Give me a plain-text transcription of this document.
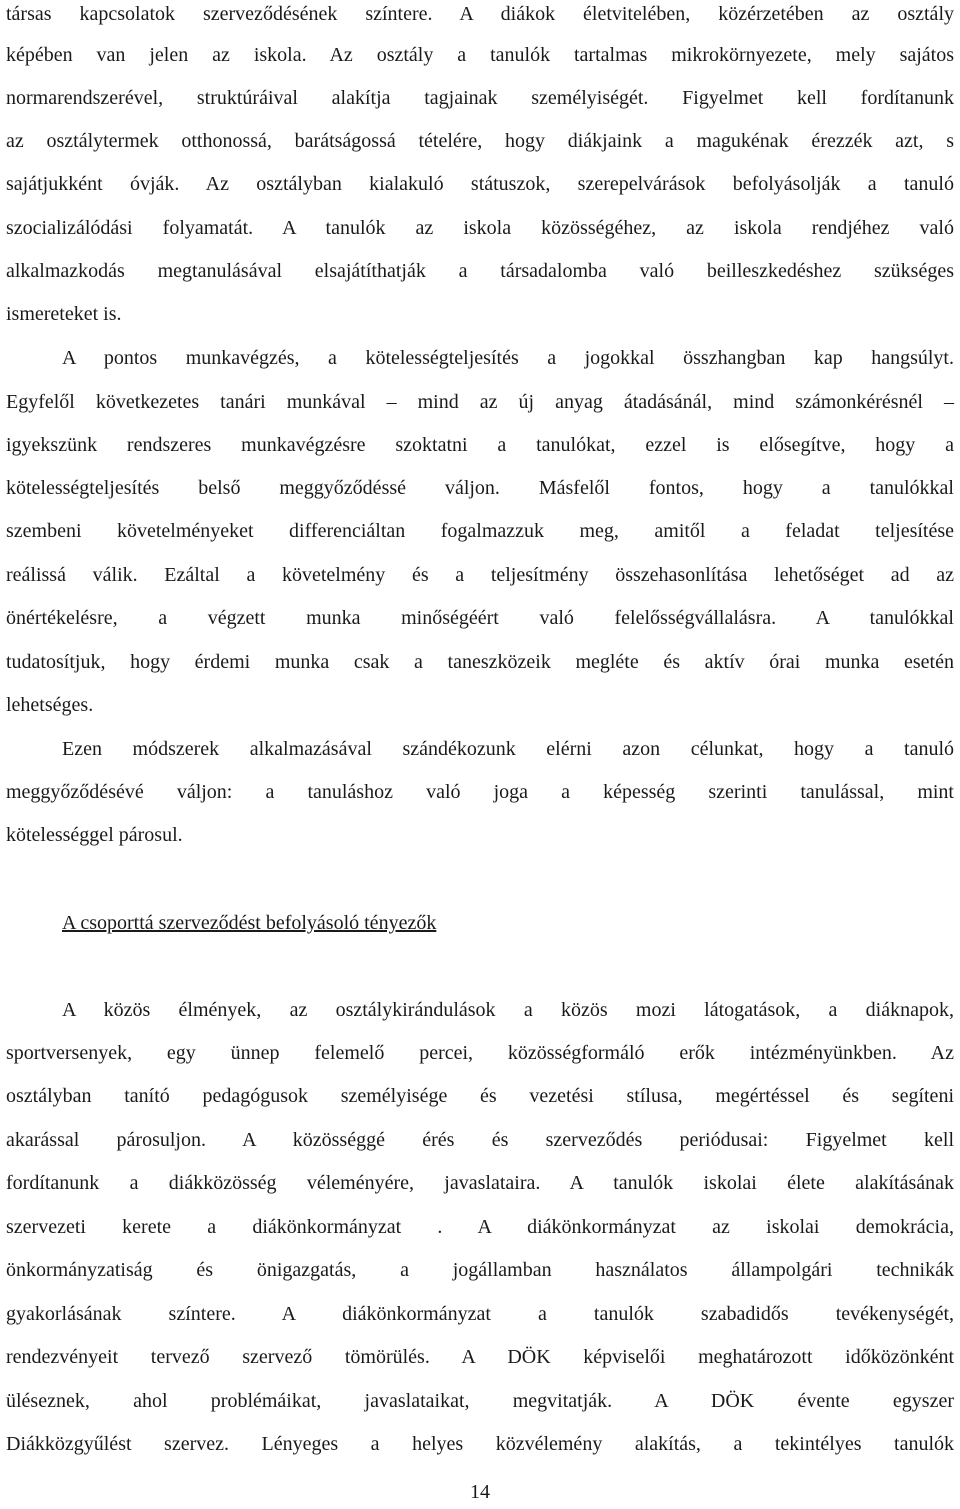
társas kapcsolatok szerveződésének színtere. A diákok életvitelében, közérzetében az osztály
képében van jelen az iskola. Az osztály a tanulók tartalmas mikrokörnyezete, mely sajátos
normarendszerével, struktúráival alakítja tagjainak személyiségét. Figyelmet kell fordítanunk
az osztálytermek otthonossá, barátságossá tételére, hogy diákjaink a magukénak érezzék azt, s
sajátjukként óvják. Az osztályban kialakuló státuszok, szerepelvárások befolyásolják a tanuló
szocializálódási folyamatát. A tanulók az iskola közösségéhez, az iskola rendjéhez való
alkalmazkodás megtanulásával elsajátíthatják a társadalomba való beilleszkedéshez szükséges
ismereteket is.
A pontos munkavégzés, a kötelességteljesítés a jogokkal összhangban kap hangsúlyt.
Egyfelől következetes tanári munkával – mind az új anyag átadásánál, mind számonkérésnél –
igyekszünk rendszeres munkavégzésre szoktatni a tanulókat, ezzel is elősegítve, hogy a
kötelességteljesítés belső meggyőződéssé váljon. Másfelől fontos, hogy a tanulókkal
szembeni követelményeket differenciáltan fogalmazzuk meg, amitől a feladat teljesítése
reálissá válik. Ezáltal a követelmény és a teljesítmény összehasonlítása lehetőséget ad az
önértékelésre, a végzett munka minőségéért való felelősségvállalásra. A tanulókkal
tudatosítjuk, hogy érdemi munka csak a taneszközeik megléte és aktív órai munka esetén
lehetséges.
Ezen módszerek alkalmazásával szándékozunk elérni azon célunkat, hogy a tanuló
meggyőződésévé váljon: a tanuláshoz való joga a képesség szerinti tanulással, mint
kötelességgel párosul.
A csoporttá szerveződést befolyásoló tényezők
A közös élmények, az osztálykirándulások a közös mozi látogatások, a diáknapok,
sportversenyek, egy ünnep felemelő percei, közösségformáló erők intézményünkben. Az
osztályban tanító pedagógusok személyisége és vezetési stílusa, megértéssel és segíteni
akarással párosuljon. A közösséggé érés és szerveződés periódusai: Figyelmet kell
fordítanunk a diákközösség véleményére, javaslataira. A tanulók iskolai élete alakításának
szervezeti kerete a diákönkormányzat . A diákönkormányzat az iskolai demokrácia,
önkormányzatiság és önigazgatás, a jogállamban használatos állampolgári technikák
gyakorlásának színtere. A diákönkormányzat a tanulók szabadidős tevékenységét,
rendezvényeit tervező szervező tömörülés. A DÖK képviselői meghatározott időközönként
üléseznek, ahol problémáikat, javaslataikat, megvitatják. A DÖK évente egyszer
Diákközgyűlést szervez. Lényeges a helyes közvélemény alakítás, a tekintélyes tanulók
14
